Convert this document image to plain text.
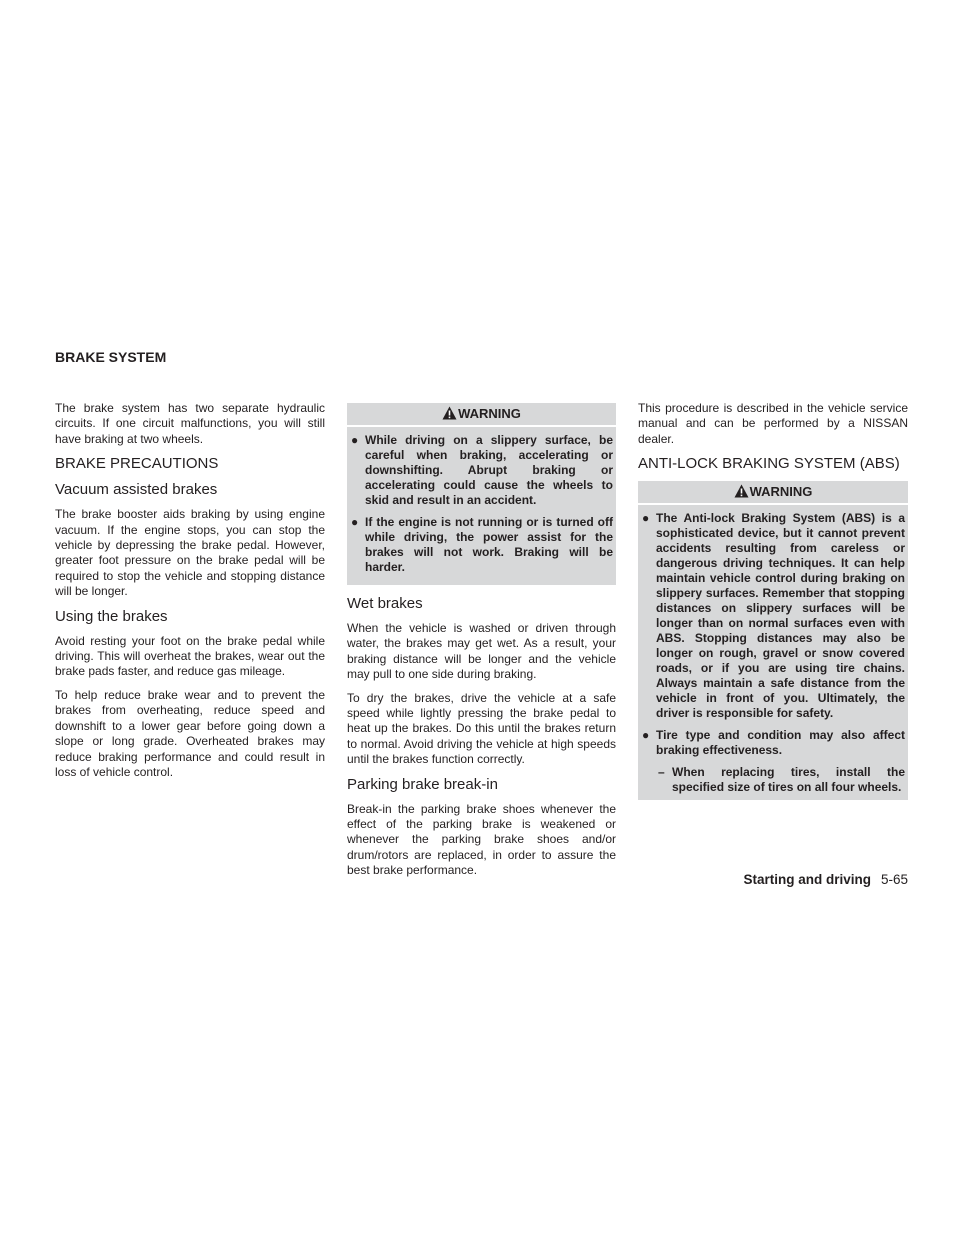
BRAKE SYSTEM

The brake system has two separate hydraulic circuits. If one circuit malfunctions, you will still have braking at two wheels.

BRAKE PRECAUTIONS
Vacuum assisted brakes

The brake booster aids braking by using engine vacuum. If the engine stops, you can stop the vehicle by depressing the brake pedal. However, greater foot pressure on the brake pedal will be required to stop the vehicle and stopping distance will be longer.

Using the brakes

Avoid resting your foot on the brake pedal while driving. This will overheat the brakes, wear out the brake pads faster, and reduce gas mileage.

To help reduce brake wear and to prevent the brakes from overheating, reduce speed and downshift to a lower gear before going down a slope or long grade. Overheated brakes may reduce braking performance and could result in loss of vehicle control.

WARNING
● While driving on a slippery surface, be careful when braking, accelerating or downshifting. Abrupt braking or accelerating could cause the wheels to skid and result in an accident.
● If the engine is not running or is turned off while driving, the power assist for the brakes will not work. Braking will be harder.
Wet brakes

When the vehicle is washed or driven through water, the brakes may get wet. As a result, your braking distance will be longer and the vehicle may pull to one side during braking.

To dry the brakes, drive the vehicle at a safe speed while lightly pressing the brake pedal to heat up the brakes. Do this until the brakes return to normal. Avoid driving the vehicle at high speeds until the brakes function correctly.

Parking brake break-in

Break-in the parking brake shoes whenever the effect of the parking brake is weakened or whenever the parking brake shoes and/or drum/rotors are replaced, in order to assure the best brake performance.

This procedure is described in the vehicle service manual and can be performed by a NISSAN dealer.

ANTI-LOCK BRAKING SYSTEM (ABS)
WARNING
● The Anti-lock Braking System (ABS) is a sophisticated device, but it cannot prevent accidents resulting from careless or dangerous driving techniques. It can help maintain vehicle control during braking on slippery surfaces. Remember that stopping distances on slippery surfaces will be longer than on normal surfaces even with ABS. Stopping distances may also be longer on rough, gravel or snow covered roads, or if you are using tire chains. Always maintain a safe distance from the vehicle in front of you. Ultimately, the driver is responsible for safety.
● Tire type and condition may also affect braking effectiveness.
– When replacing tires, install the specified size of tires on all four wheels.
Starting and driving 5-65
